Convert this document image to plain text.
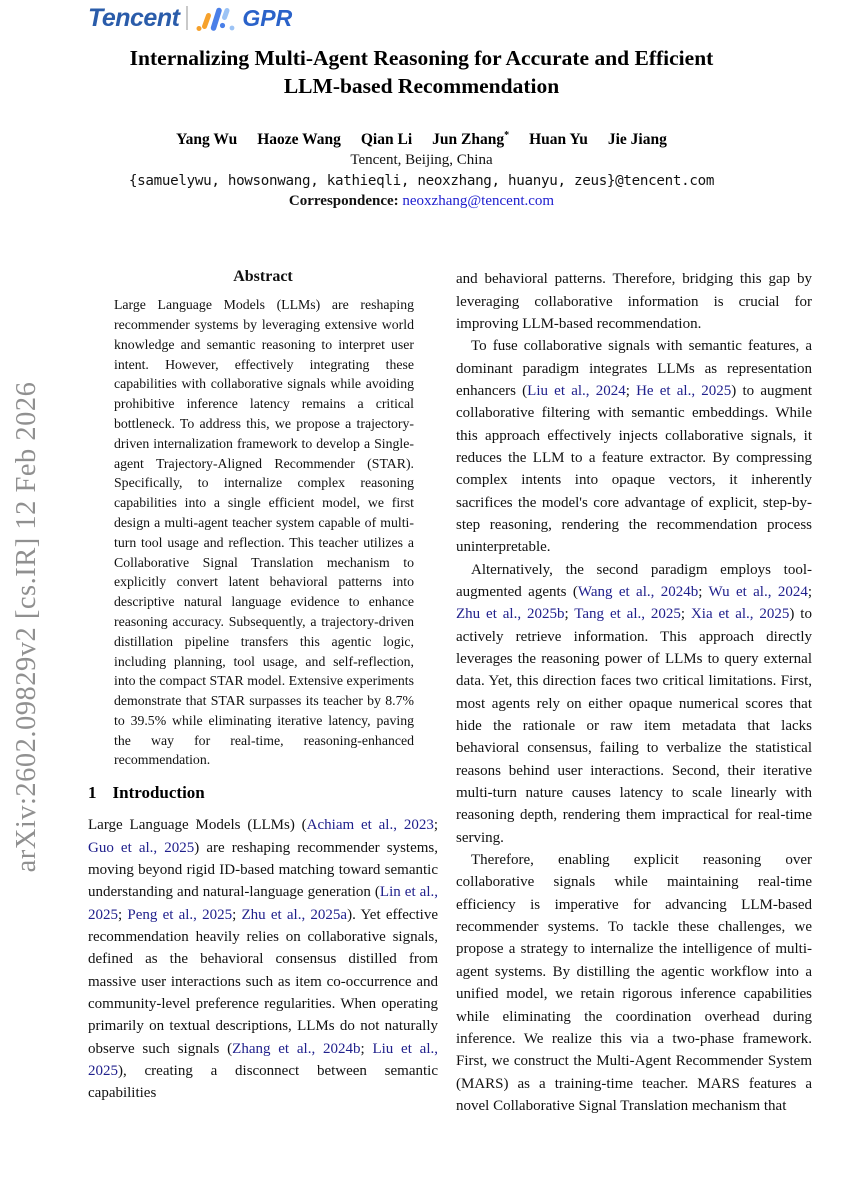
arXiv:2602.09829v2 [cs.IR] 12 Feb 2026
Tencent	GPR
Internalizing Multi-Agent Reasoning for Accurate and Efficient
LLM-based Recommendation
Yang Wu Haoze Wang Qian Li Jun Zhang* Huan Yu Jie Jiang
Tencent, Beijing, China
{samuelywu, howsonwang, kathieqli, neoxzhang, huanyu, zeus}@tencent.com
Correspondence: neoxzhang@tencent.com
Abstract
Large Language Models (LLMs) are reshaping recommender systems by leveraging extensive world knowledge and semantic reasoning to interpret user intent. However, effectively integrating these capabilities with collaborative signals while avoiding prohibitive inference latency remains a critical bottleneck. To address this, we propose a trajectory-driven internalization framework to develop a Single-agent Trajectory-Aligned Recommender (STAR). Specifically, to internalize complex reasoning capabilities into a single efficient model, we first design a multi-agent teacher system capable of multi-turn tool usage and reflection. This teacher utilizes a Collaborative Signal Translation mechanism to explicitly convert latent behavioral patterns into descriptive natural language evidence to enhance reasoning accuracy. Subsequently, a trajectory-driven distillation pipeline transfers this agentic logic, including planning, tool usage, and self-reflection, into the compact STAR model. Extensive experiments demonstrate that STAR surpasses its teacher by 8.7% to 39.5% while eliminating iterative latency, paving the way for real-time, reasoning-enhanced recommendation.
1 Introduction

Large Language Models (LLMs) (Achiam et al., 2023; Guo et al., 2025) are reshaping recommender systems, moving beyond rigid ID-based matching toward semantic understanding and natural-language generation (Lin et al., 2025; Peng et al., 2025; Zhu et al., 2025a). Yet effective recommendation heavily relies on collaborative signals, defined as the behavioral consensus distilled from massive user interactions such as item co-occurrence and community-level preference regularities. When operating primarily on textual descriptions, LLMs do not naturally observe such signals (Zhang et al., 2024b; Liu et al., 2025), creating a disconnect between semantic capabilities

and behavioral patterns. Therefore, bridging this gap by leveraging collaborative information is crucial for improving LLM-based recommendation.

To fuse collaborative signals with semantic features, a dominant paradigm integrates LLMs as representation enhancers (Liu et al., 2024; He et al., 2025) to augment collaborative filtering with semantic embeddings. While this approach effectively injects collaborative signals, it reduces the LLM to a feature extractor. By compressing complex intents into opaque vectors, it inherently sacrifices the model's core advantage of explicit, step-by-step reasoning, rendering the recommendation process uninterpretable.

Alternatively, the second paradigm employs tool-augmented agents (Wang et al., 2024b; Wu et al., 2024; Zhu et al., 2025b; Tang et al., 2025; Xia et al., 2025) to actively retrieve information. This approach directly leverages the reasoning power of LLMs to query external data. Yet, this direction faces two critical limitations. First, most agents rely on either opaque numerical scores that hide the rationale or raw item metadata that lacks behavioral consensus, failing to verbalize the statistical reasons behind user interactions. Second, their iterative multi-turn nature causes latency to scale linearly with reasoning depth, rendering them impractical for real-time serving.

Therefore, enabling explicit reasoning over collaborative signals while maintaining real-time efficiency is imperative for advancing LLM-based recommender systems. To tackle these challenges, we propose a strategy to internalize the intelligence of multi-agent systems. By distilling the agentic workflow into a unified model, we retain rigorous inference capabilities while eliminating the coordination overhead during inference. We realize this via a two-phase framework. First, we construct the Multi-Agent Recommender System (MARS) as a training-time teacher. MARS features a novel Collaborative Signal Translation mechanism that
